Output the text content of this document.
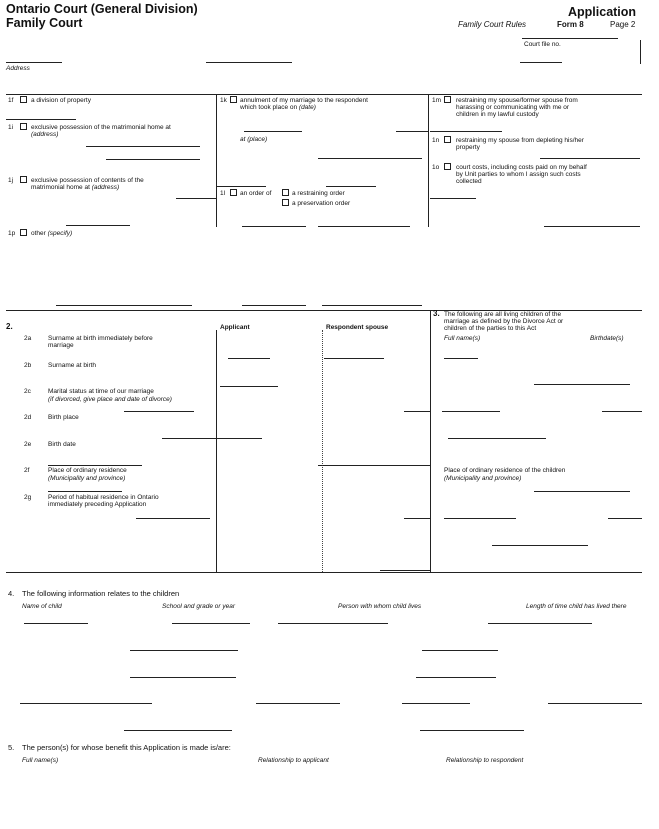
Ontario Court (General Division)
Family Court
Application
Family Court Rules	Form 8	Page 2
Court file no.
Address
1f	a division of property
1i	exclusive possession of the matrimonial home at
(address)
1j	exclusive possession of contents of the
matrimonial home at (address)
1k annulment of my marriage to the respondent
which took place on (date)
at (place)
1l an order of	a restraining order
a preservation order
1m restraining my spouse/former spouse from
harassing or communicating with me or
children in my lawful custody
1n	restraining my spouse from depleting his/her
property
1o	court costs, including costs paid on my behalf
by Unit parties to whom I assign such costs
collected
1p other (specify)
2.	Applicant	Respondent spouse
2a	Surname at birth immediately before
marriage
2b	Surname at birth
2c	Marital status at time of our marriage
(if divorced, give place and date of divorce)
2d	Birth place
2e	Birth date
2f	Place of ordinary residence
(Municipality and province)
2g	Period of habitual residence in Ontario
immediately preceding Application
3. The following are all living children of the
marriage as defined by the Divorce Act or
children of the parties to this Act
Full name(s)	Birthdate(s)
Place of ordinary residence of the children
(Municipality and province)
4. The following information relates to the children
Name of child	School and grade or year	Person with whom child lives	Length of time child has lived there
5. The person(s) for whose benefit this Application is made is/are:
Full name(s)	Relationship to applicant	Relationship to respondent
